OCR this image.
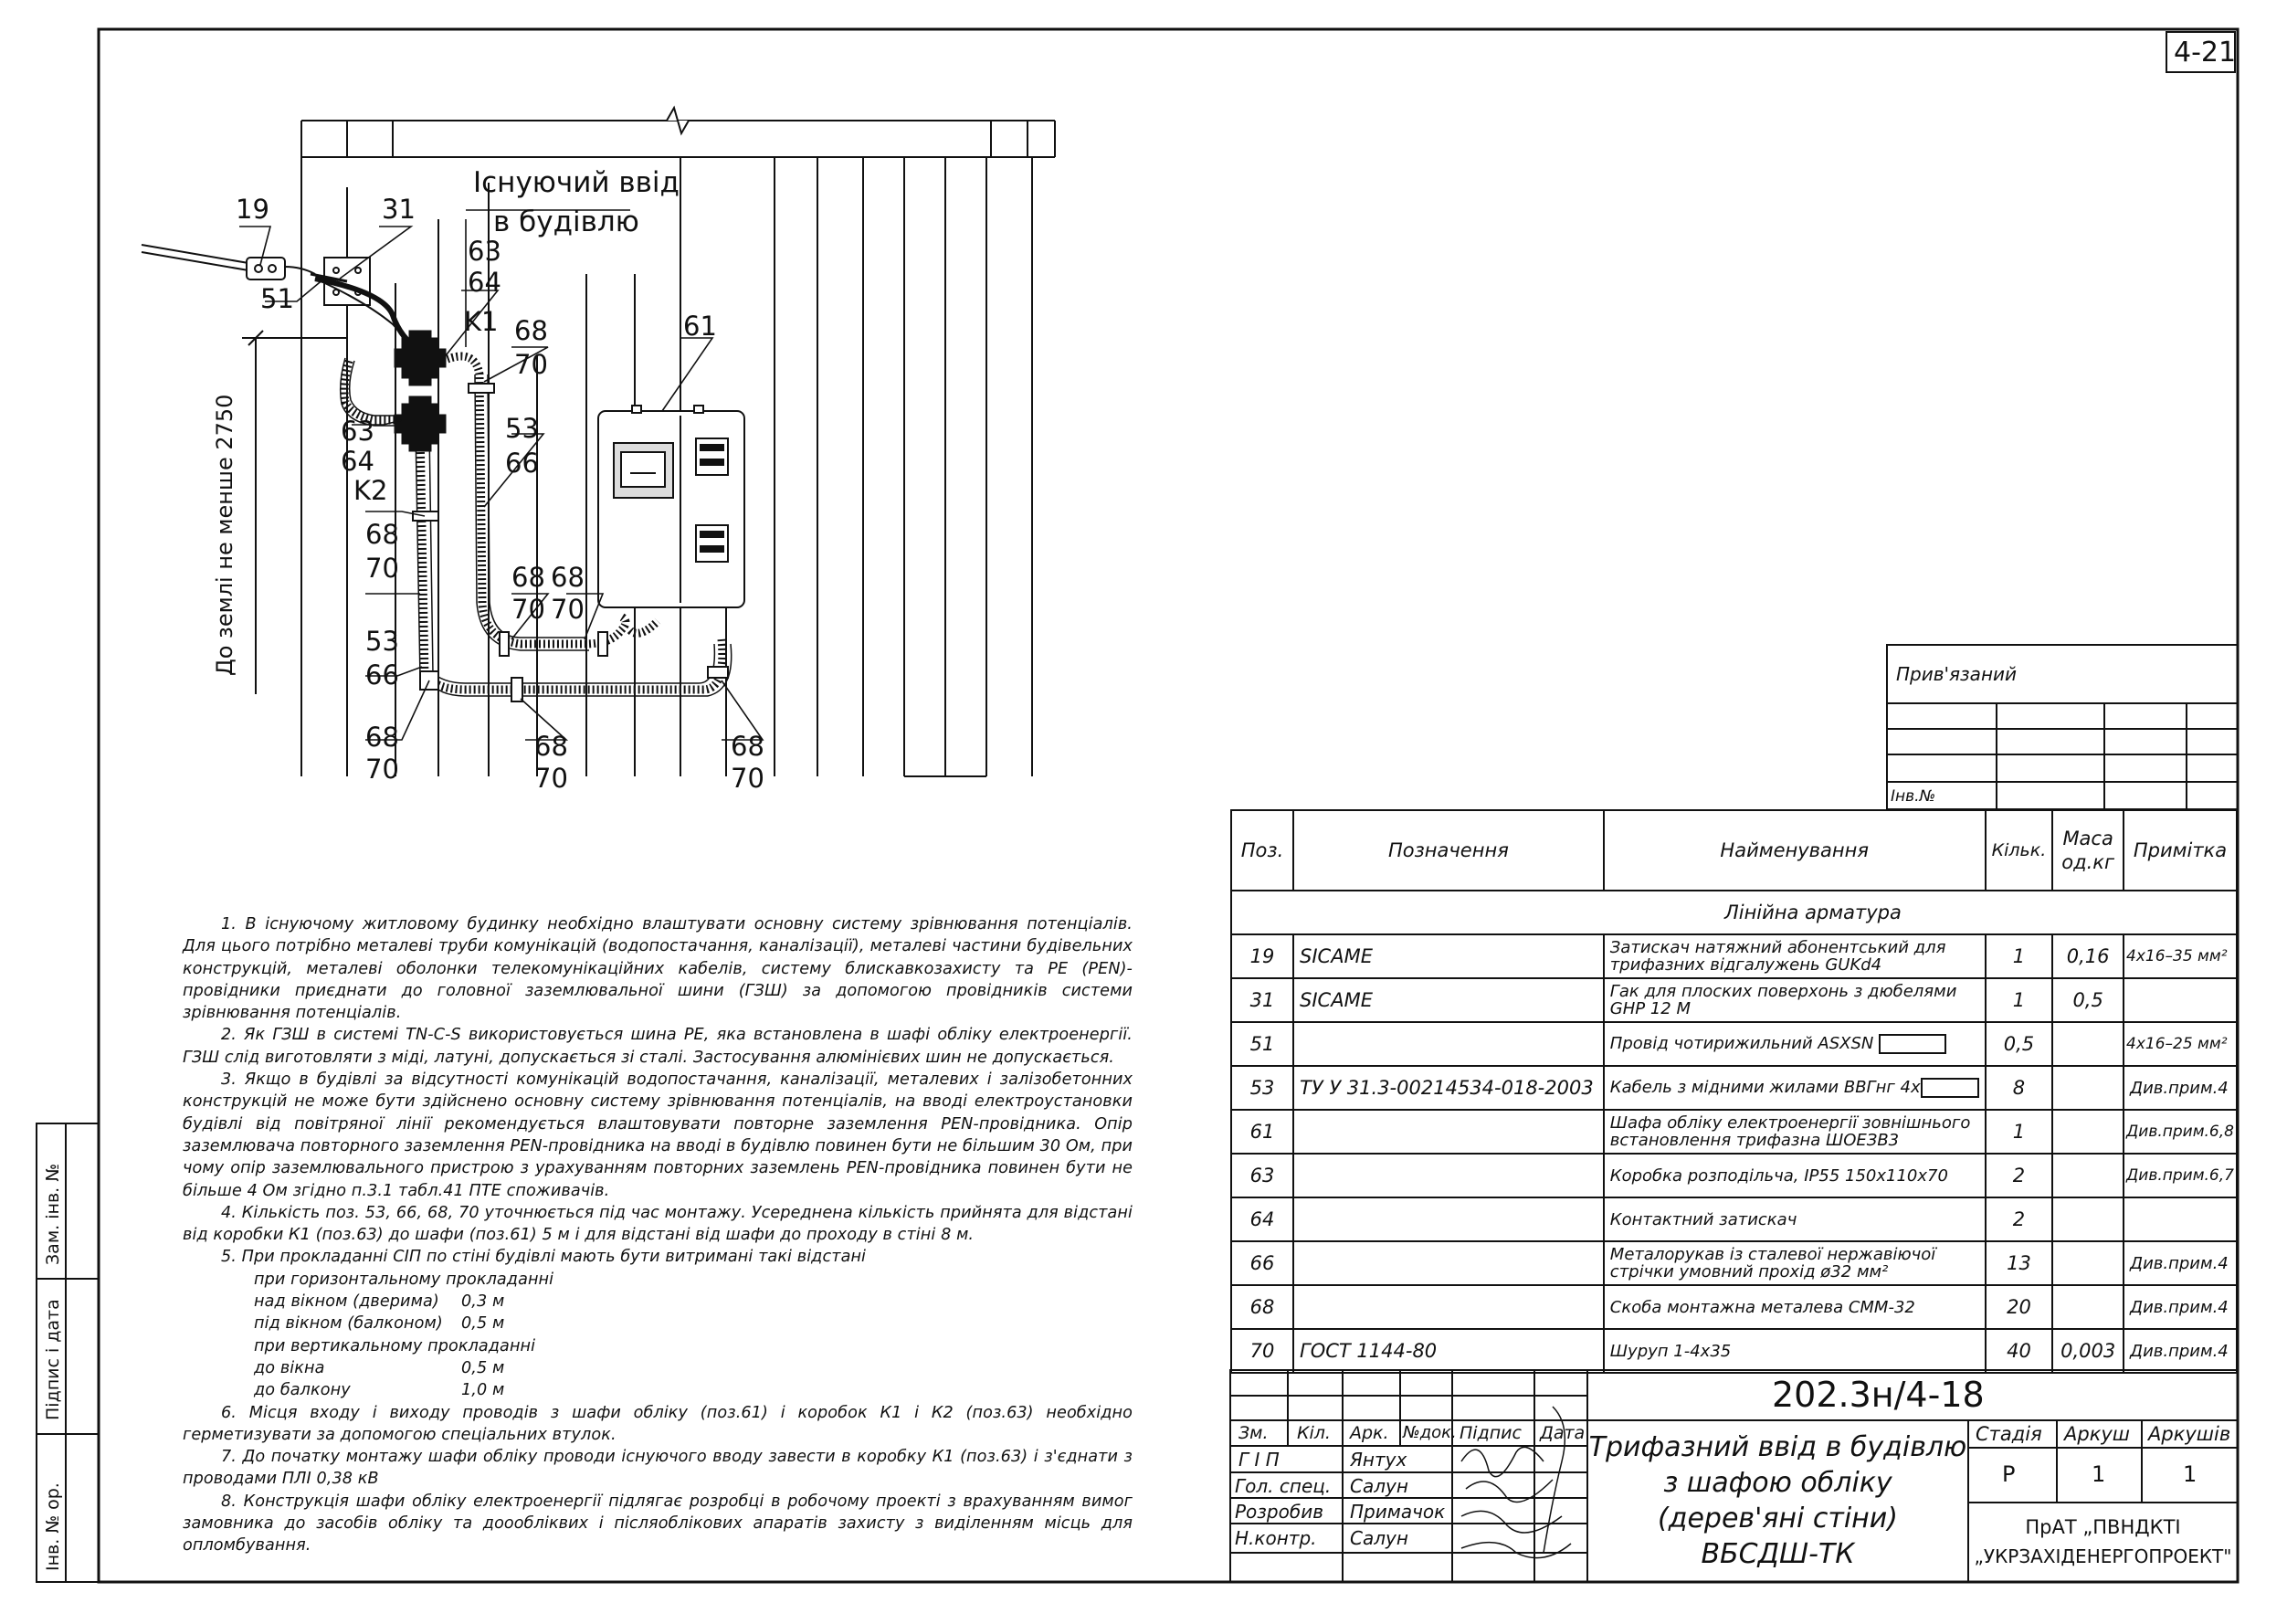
4-21
Існуючий ввід
в будівлю
До землі не менше 2750
19	31
51
63
64
K1 68
70
61
53
66
63
64
K2
68
70	68
70
68
70
53
66
68
70
68
70
68
70

1. В існуючому житловому будинку необхідно влаштувати основну систему зрівнювання потенціалів. Для цього потрібно металеві труби комунікацій (водопостачання, каналізації), металеві частини будівельних конструкцій, металеві оболонки телекомунікаційних кабелів, систему блискавкозахисту та PE (PEN)-провідники приєднати до головної заземлювальної шини (ГЗШ) за допомогою провідників системи зрівнювання потенціалів.

2. Як ГЗШ в системі TN-C-S використовується шина PE, яка встановлена в шафі обліку електроенергії. ГЗШ слід виготовляти з міді, латуні, допускається зі сталі. Застосування алюмінієвих шин не допускається.

3. Якщо в будівлі за відсутності комунікацій водопостачання, каналізації, металевих і залізобетонних конструкцій не може бути здійснено основну систему зрівнювання потенціалів, на вводі електроустановки будівлі від повітряної лінії рекомендується влаштовувати повторне заземлення PEN-провідника. Опір заземлювача повторного заземлення PEN-провідника на вводі в будівлю повинен бути не більшим 30 Ом, при чому опір заземлювального пристрою з урахуванням повторних заземлень PEN-провідника повинен бути не більше 4 Ом згідно п.3.1 табл.41 ПТЕ споживачів.

4. Кількість поз. 53, 66, 68, 70 уточнюється під час монтажу. Усереднена кількість прийнята для відстані від коробки К1 (поз.63) до шафи (поз.61) 5 м і для відстані від шафи до проходу в стіні 8 м.

5. При прокладанні СІП по стіні будівлі мають бути витримані такі відстані

при горизонтальному прокладанні
над вікном (дверима) 0,3 м
під вікном (балконом) 0,5 м
при вертикальному прокладанні
до вікна	0,5 м
до балкону	1,0 м

6. Місця входу і виходу проводів з шафи обліку (поз.61) і коробок К1 і К2 (поз.63) необхідно герметизувати за допомогою спеціальних втулок.

7. До початку монтажу шафи обліку проводи існуючого вводу завести в коробку К1 (поз.63) і з'єднати з проводами ПЛІ 0,38 кВ

8. Конструкція шафи обліку електроенергії підлягає розробці в робочому проекті з врахуванням вимог замовника до засобів обліку та доообліквих і післяоблікових апаратів захисту з виділенням місць для опломбування.

Зам. інв. №
Підпис і дата
Інв. № ор.
Прив'язаний
Інв.№
Поз.	Позначення	Найменування	Кільк.	Маса
од.кг	Примітка
		Лінійна арматура			
19	SICAME	Затискач натяжний абонентський для трифазних відгалужень GUKd4	1	0,16	4х16–35 мм²
31	SICAME	Гак для плоских поверхонь з дюбелями GHP 12 M	1	0,5	
51		Провід чотирижильний ASXSN	0,5		4х16–25 мм²
53	ТУ У 31.3-00214534-018-2003	Кабель з мідними жилами ВВГнг 4х	8		Див.прим.4
61		Шафа обліку електроенергії зовнішнього встановлення трифазна ШОЕЗВ3	1		Див.прим.6,8
63		Коробка розподільча, IP55 150х110х70	2		Див.прим.6,7
64		Контактний затискач	2		
66		Металорукав із сталевої нержавіючої стрічки умовний прохід ø32 мм²	13		Див.прим.4
68		Скоба монтажна металева СММ-32	20		Див.прим.4
70	ГОСТ 1144-80	Шуруп 1-4х35	40	0,003	Див.прим.4
202.3н/4-18
Зм. Кіл. Арк. №док. Підпис Дата
Г І П	Янтух
Гол. спец. Салун
Розробив Примачок
Н.контр. Салун
Трифазний ввід в будівлю
з шафою обліку
(дерев'яні стіни)
ВБСДШ-ТК
Стадія Аркуш Аркушів
Р	1	1
ПрАТ „ПВНДКТІ
„УКРЗАХІДЕНЕРГОПРОЕКТ"
